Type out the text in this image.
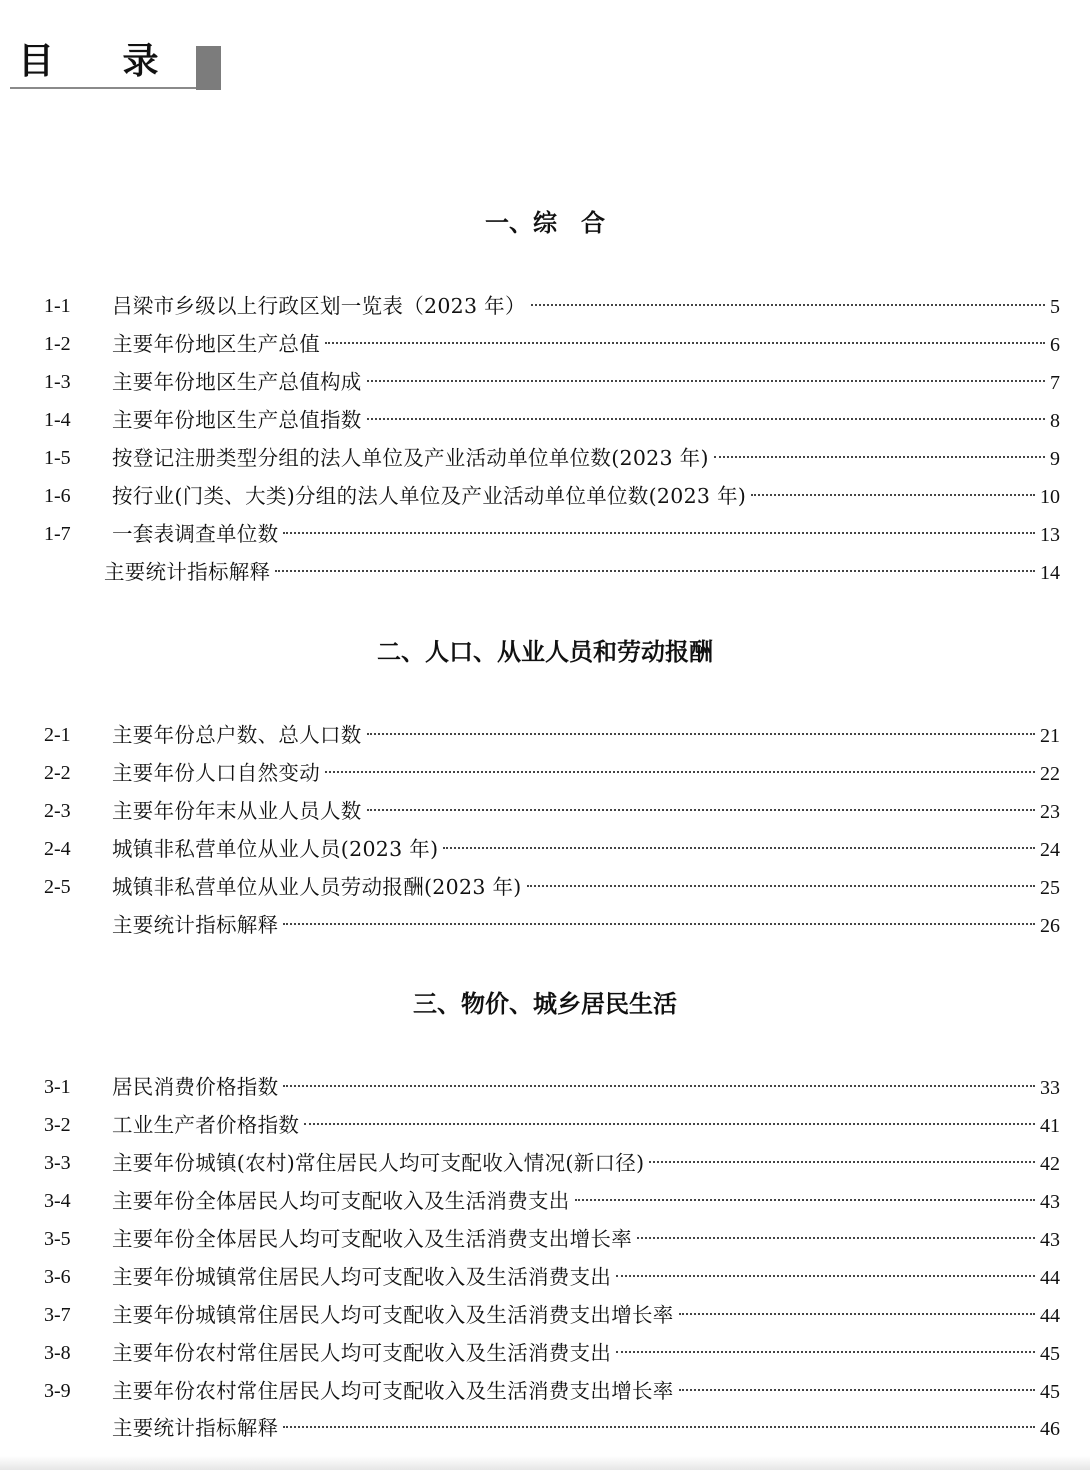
目 录
一、综　合
1-1 吕梁市乡级以上行政区划一览表（2023 年）	5
1-2 主要年份地区生产总值	6
1-3 主要年份地区生产总值构成	7
1-4 主要年份地区生产总值指数	8
1-5 按登记注册类型分组的法人单位及产业活动单位单位数(2023 年)	9
1-6 按行业(门类、大类)分组的法人单位及产业活动单位单位数(2023 年)	10
1-7 一套表调查单位数	13
主要统计指标解释	14
二、人口、从业人员和劳动报酬
2-1 主要年份总户数、总人口数	21
2-2 主要年份人口自然变动	22
2-3 主要年份年末从业人员人数	23
2-4 城镇非私营单位从业人员(2023 年)	24
2-5 城镇非私营单位从业人员劳动报酬(2023 年)	25
主要统计指标解释	26
三、物价、城乡居民生活
3-1 居民消费价格指数	33
3-2 工业生产者价格指数	41
3-3 主要年份城镇(农村)常住居民人均可支配收入情况(新口径)	42
3-4 主要年份全体居民人均可支配收入及生活消费支出	43
3-5 主要年份全体居民人均可支配收入及生活消费支出增长率	43
3-6 主要年份城镇常住居民人均可支配收入及生活消费支出	44
3-7 主要年份城镇常住居民人均可支配收入及生活消费支出增长率	44
3-8 主要年份农村常住居民人均可支配收入及生活消费支出	45
3-9 主要年份农村常住居民人均可支配收入及生活消费支出增长率	45
主要统计指标解释	46
